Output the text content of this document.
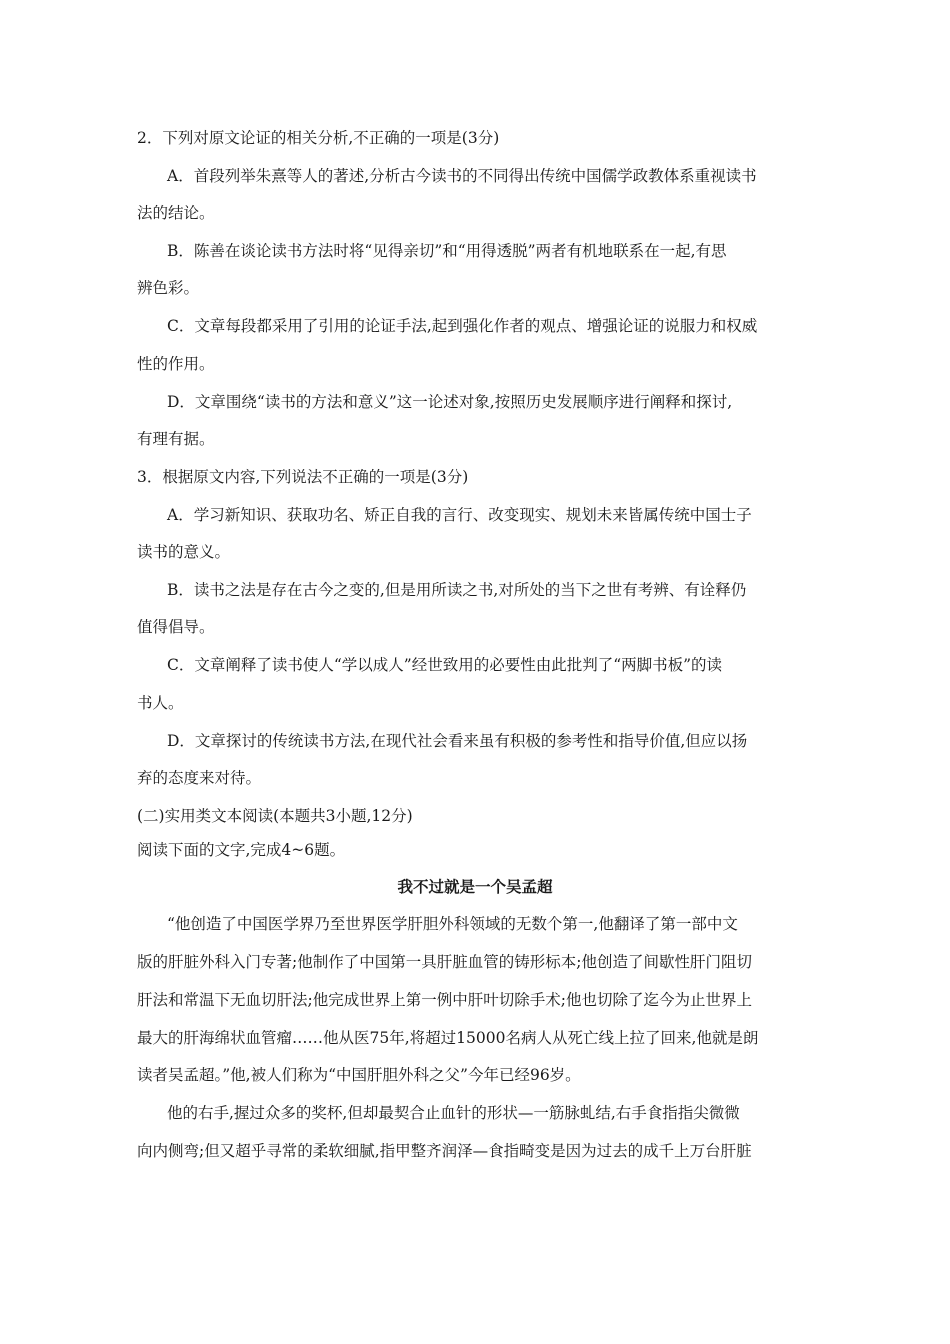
2．下列对原文论证的相关分析,不正确的一项是(3分)
A．首段列举朱熹等人的著述,分析古今读书的不同得出传统中国儒学政教体系重视读书
法的结论。
B．陈善在谈论读书方法时将“见得亲切”和“用得透脱”两者有机地联系在一起,有思
辨色彩。
C．文章每段都采用了引用的论证手法,起到强化作者的观点、增强论证的说服力和权威
性的作用。
D．文章围绕“读书的方法和意义”这一论述对象,按照历史发展顺序进行阐释和探讨,
有理有据。
3．根据原文内容,下列说法不正确的一项是(3分)
A．学习新知识、获取功名、矫正自我的言行、改变现实、规划未来皆属传统中国士子
读书的意义。
B．读书之法是存在古今之变的,但是用所读之书,对所处的当下之世有考辨、有诠释仍
值得倡导。
C．文章阐释了读书使人“学以成人”经世致用的必要性由此批判了“两脚书板”的读
书人。
D．文章探讨的传统读书方法,在现代社会看来虽有积极的参考性和指导价值,但应以扬
弃的态度来对待。
(二)实用类文本阅读(本题共3小题,12分)
阅读下面的文字,完成4~6题。
我不过就是一个吴孟超
“他创造了中国医学界乃至世界医学肝胆外科领域的无数个第一,他翻译了第一部中文
版的肝脏外科入门专著;他制作了中国第一具肝脏血管的铸形标本;他创造了间歇性肝门阻切
肝法和常温下无血切肝法;他完成世界上第一例中肝叶切除手术;他也切除了迄今为止世界上
最大的肝海绵状血管瘤……他从医75年,将超过15000名病人从死亡线上拉了回来,他就是朗
读者吴孟超。”他,被人们称为“中国肝胆外科之父”今年已经96岁。
他的右手,握过众多的奖杯,但却最契合止血针的形状—一筋脉虬结,右手食指指尖微微
向内侧弯;但又超乎寻常的柔软细腻,指甲整齐润泽—食指畸变是因为过去的成千上万台肝脏
